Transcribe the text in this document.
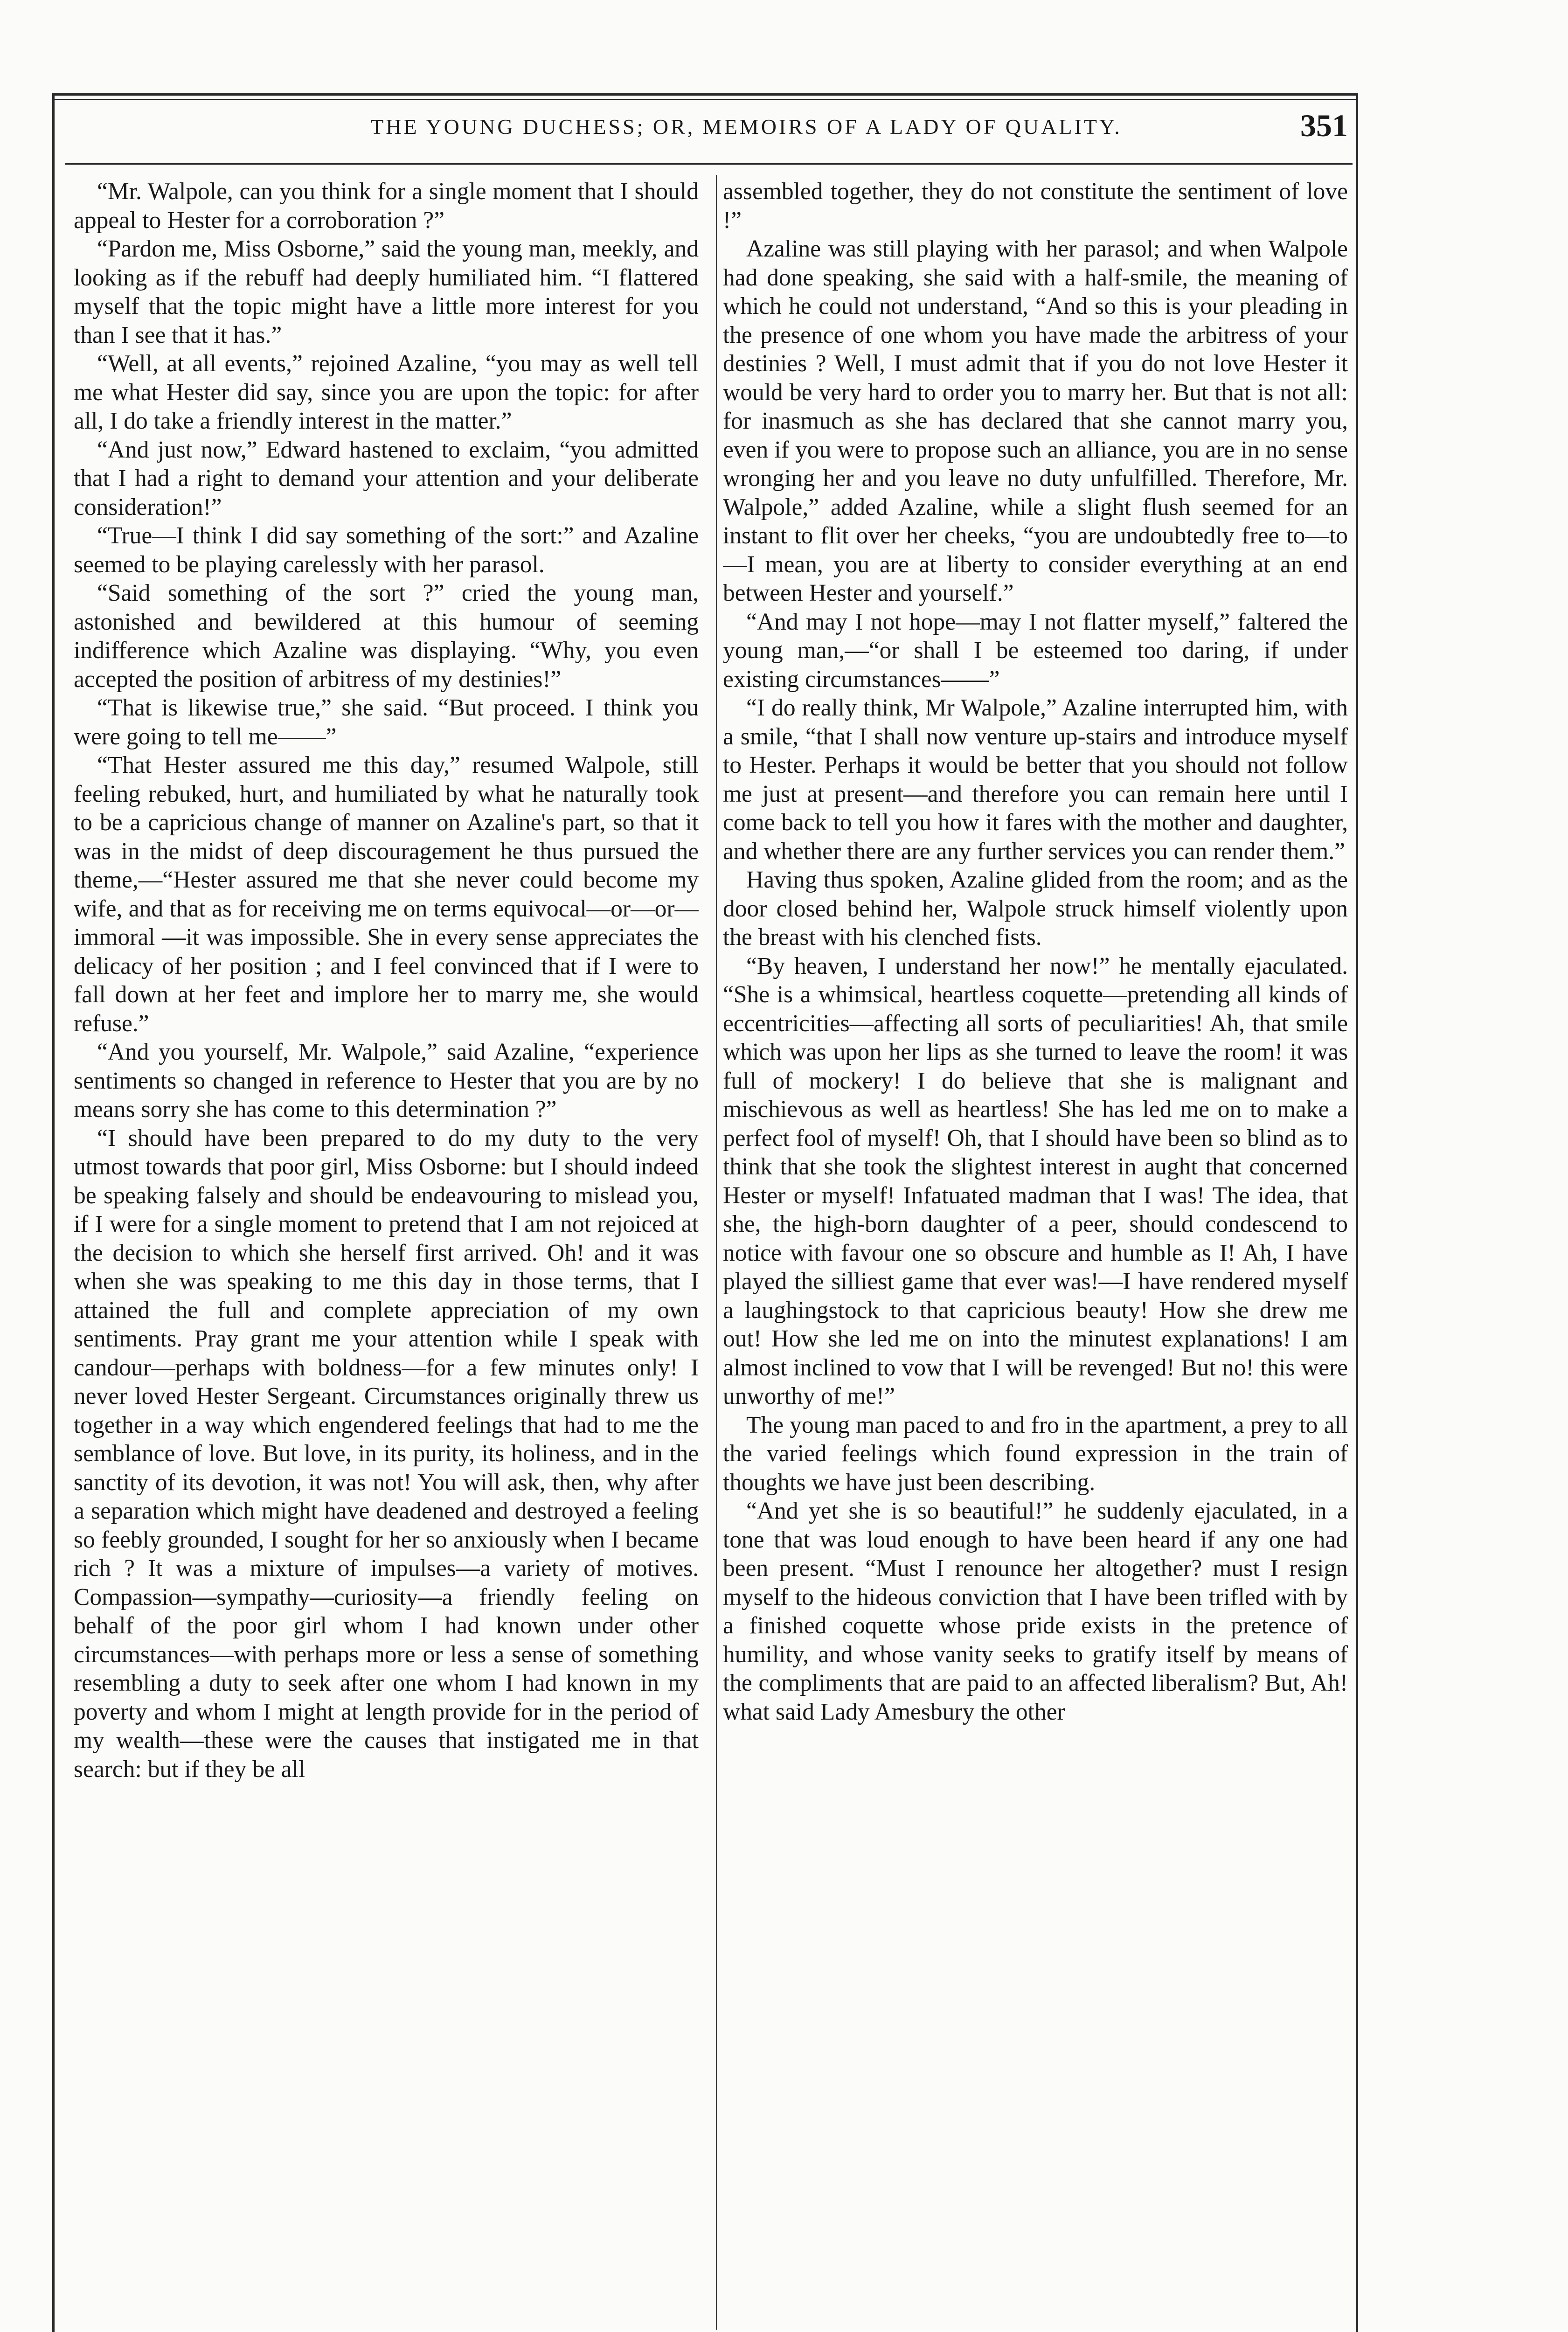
THE YOUNG DUCHESS; OR, MEMOIRS OF A LADY OF QUALITY.	351

“Mr. Walpole, can you think for a single moment that I should appeal to Hester for a corroboration ?”

“Pardon me, Miss Osborne,” said the young man, meekly, and looking as if the rebuff had deeply humiliated him. “I flattered myself that the topic might have a little more interest for you than I see that it has.”

“Well, at all events,” rejoined Azaline, “you may as well tell me what Hester did say, since you are upon the topic: for after all, I do take a friendly interest in the matter.”

“And just now,” Edward hastened to exclaim, “you admitted that I had a right to demand your attention and your deliberate consideration!”

“True—I think I did say something of the sort:” and Azaline seemed to be playing carelessly with her parasol.

“Said something of the sort ?” cried the young man, astonished and bewildered at this humour of seeming indifference which Azaline was displaying. “Why, you even accepted the position of arbitress of my destinies!”

“That is likewise true,” she said. “But proceed. I think you were going to tell me——”

“That Hester assured me this day,” resumed Walpole, still feeling rebuked, hurt, and humiliated by what he naturally took to be a capricious change of manner on Azaline's part, so that it was in the midst of deep discouragement he thus pursued the theme,—“Hester assured me that she never could become my wife, and that as for receiving me on terms equivocal—or—or—immoral —it was impossible. She in every sense appreciates the delicacy of her position ; and I feel convinced that if I were to fall down at her feet and implore her to marry me, she would refuse.”

“And you yourself, Mr. Walpole,” said Azaline, “experience sentiments so changed in reference to Hester that you are by no means sorry she has come to this determination ?”

“I should have been prepared to do my duty to the very utmost towards that poor girl, Miss Osborne: but I should indeed be speaking falsely and should be endeavouring to mislead you, if I were for a single moment to pretend that I am not rejoiced at the decision to which she herself first arrived. Oh! and it was when she was speaking to me this day in those terms, that I attained the full and complete appreciation of my own sentiments. Pray grant me your attention while I speak with candour—perhaps with boldness—for a few minutes only! I never loved Hester Sergeant. Circumstances originally threw us together in a way which engendered feelings that had to me the semblance of love. But love, in its purity, its holiness, and in the sanctity of its devotion, it was not! You will ask, then, why after a separation which might have deadened and destroyed a feeling so feebly grounded, I sought for her so anxiously when I became rich ? It was a mixture of impulses—a variety of motives. Compassion—sympathy—curiosity—a friendly feeling on behalf of the poor girl whom I had known under other circumstances—with perhaps more or less a sense of something resembling a duty to seek after one whom I had known in my poverty and whom I might at length provide for in the period of my wealth—these were the causes that instigated me in that search: but if they be all

assembled together, they do not constitute the sentiment of love !”

Azaline was still playing with her parasol; and when Walpole had done speaking, she said with a half-smile, the meaning of which he could not understand, “And so this is your pleading in the presence of one whom you have made the arbitress of your destinies ? Well, I must admit that if you do not love Hester it would be very hard to order you to marry her. But that is not all: for inasmuch as she has declared that she cannot marry you, even if you were to propose such an alliance, you are in no sense wronging her and you leave no duty unfulfilled. Therefore, Mr. Walpole,” added Azaline, while a slight flush seemed for an instant to flit over her cheeks, “you are undoubtedly free to—to—I mean, you are at liberty to consider everything at an end between Hester and yourself.”

“And may I not hope—may I not flatter myself,” faltered the young man,—“or shall I be esteemed too daring, if under existing circumstances——”

“I do really think, Mr Walpole,” Azaline interrupted him, with a smile, “that I shall now venture up-stairs and introduce myself to Hester. Perhaps it would be better that you should not follow me just at present—and therefore you can remain here until I come back to tell you how it fares with the mother and daughter, and whether there are any further services you can render them.”

Having thus spoken, Azaline glided from the room; and as the door closed behind her, Walpole struck himself violently upon the breast with his clenched fists.

“By heaven, I understand her now!” he mentally ejaculated. “She is a whimsical, heartless coquette—pretending all kinds of eccentricities—affecting all sorts of peculiarities! Ah, that smile which was upon her lips as she turned to leave the room! it was full of mockery! I do believe that she is malignant and mischievous as well as heartless! She has led me on to make a perfect fool of myself! Oh, that I should have been so blind as to think that she took the slightest interest in aught that concerned Hester or myself! Infatuated madman that I was! The idea, that she, the high-born daughter of a peer, should condescend to notice with favour one so obscure and humble as I! Ah, I have played the silliest game that ever was!—I have rendered myself a laughingstock to that capricious beauty! How she drew me out! How she led me on into the minutest explanations! I am almost inclined to vow that I will be revenged! But no! this were unworthy of me!”

The young man paced to and fro in the apartment, a prey to all the varied feelings which found expression in the train of thoughts we have just been describing.

“And yet she is so beautiful!” he suddenly ejaculated, in a tone that was loud enough to have been heard if any one had been present. “Must I renounce her altogether? must I resign myself to the hideous conviction that I have been trifled with by a finished coquette whose pride exists in the pretence of humility, and whose vanity seeks to gratify itself by means of the compliments that are paid to an affected liberalism? But, Ah! what said Lady Amesbury the other
